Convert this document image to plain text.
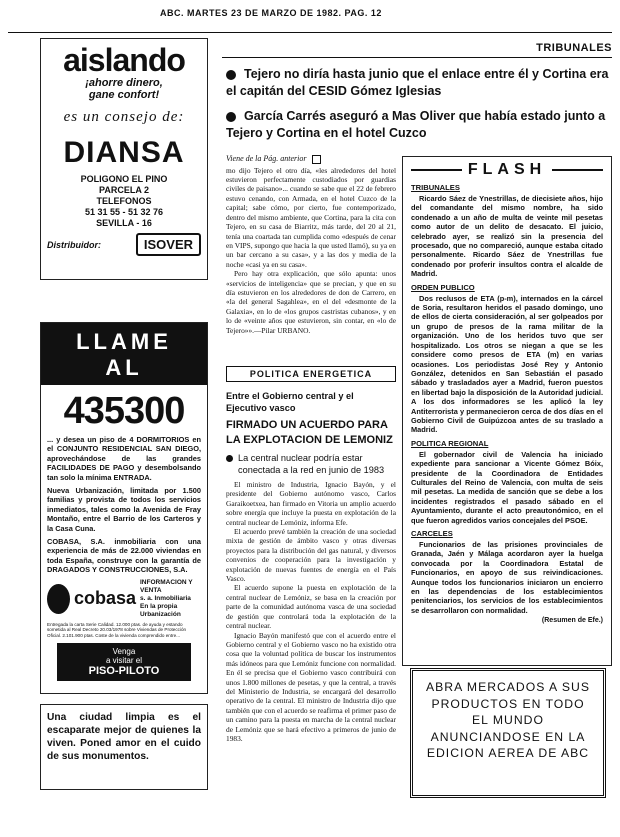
ABC. MARTES 23 DE MARZO DE 1982. PAG. 12
TRIBUNALES
Tejero no diría hasta junio que el enlace entre él y Cortina era el capitán del CESID Gómez Iglesias
García Carrés aseguró a Mas Oliver que había estado junto a Tejero y Cortina en el hotel Cuzco
aislando
¡ahorre dinero, gane confort!
es un consejo de:
DIANSA
POLIGONO EL PINO
PARCELA 2
TELEFONOS
51 31 55 - 51 32 76
SEVILLA - 16
Distribuidor:	ISOVER
LLAME
AL
435300
... y desea un piso de 4 DORMITORIOS en el CONJUNTO RESIDENCIAL SAN DIEGO, aprovechándose de las grandes FACILIDADES DE PAGO y desembolsando tan solo la mínima ENTRADA.
Nueva Urbanización, limitada por 1.500 familias y provista de todos los servicios inmediatos, tales como la Avenida de Fray Montaño, entre el Barrio de los Carteros y la Casa Cuna.
COBASA, S.A. inmobiliaria con una experiencia de más de 22.000 viviendas en toda España, construye con la garantía de DRAGADOS Y CONSTRUCCIONES, S.A.
cobasa
INFORMACION Y VENTA
s. a. Inmobiliaria
En la propia Urbanización
Entregada la carta Serie Calidad. 12.000 ptas. de ayuda y estando sometida al Real Decreto 20.03/1978 sobre Viviendas de Protección Oficial. 2.101.900 ptas. Coste de la vivienda comprendido entre...
Venga
a visitar el
PISO-PILOTO
Una ciudad limpia es el escaparate mejor de quienes la viven. Poned amor en el cuido de sus monumentos.
Viene de la Pág. anterior

mo dijo Tejero el otro día, «les alrededores del hotel estuvieron perfectamente custodiados por guardias civiles de paisano»... cuando se sabe que el 22 de febrero estuvo cenando, con Armada, en el hotel Cuzco de la capital; sabe cómo, por cierto, fue contemporizado, dentro del mismo ambiente, que Cortina, para la cita con Tejero, en su casa de Biarritz, más tarde, del 20 al 21, tenía una coartada tan cumplida como «después de cenar en VIPS, supongo que hacia la que usted llamó), su ya en un bar cercano a su casa», y a las dos y media de la noche «casi ya en su casa».

Pero hay otra explicación, que sólo apunta: unos «servicios de inteligencia» que se precian, y que en su día estuvieron en los alrededores de don de Carrero, en «la del general Sagahlea», en el del «desmonte de la Galaxia», en lo de «los grupos castristas cubanos», y en lo de «veinte años que estuvieron, sin contar, en «lo de Tejero»».—Pilar URBANO.

POLITICA ENERGETICA
Entre el Gobierno central y el Ejecutivo vasco
FIRMADO UN ACUERDO PARA LA EXPLOTACION DE LEMONIZ
La central nuclear podría estar conectada a la red en junio de 1983

El ministro de Industria, Ignacio Bayón, y el presidente del Gobierno autónomo vasco, Carlos Garaikoetxea, han firmado en Vitoria un amplio acuerdo sobre energía que incluye la puesta en explotación de la central nuclear de Lemóniz, informa Efe.

El acuerdo prevé también la creación de una sociedad mixta de gestión de ámbito vasco y otras diversas proyectos para la distribución del gas natural, y diversos convenios de cooperación para la investigación y explotación de nuevas fuentes de energía en el País Vasco.

El acuerdo supone la puesta en explotación de la central nuclear de Lemóniz, se basa en la creación por parte de la comunidad autónoma vasca de una sociedad de gestión que controlará toda la explotación de la central nuclear.

Ignacio Bayón manifestó que con el acuerdo entre el Gobierno central y el Gobierno vasco no ha existido otra cosa que la voluntad política de buscar los instrumentos más idóneos para que Lemóniz funcione con normalidad. En él se precisa que el Gobierno vasco contribuirá con unos 1.800 millones de pesetas, y que la central, a través del Ministerio de Industria, se encargará del desarrollo operativo de la central. El ministro de Industria dijo que también que con el acuerdo se reafirma el primer paso de un camino para la puesta en marcha de la central nuclear de Lemóniz que se hará efectivo a primeros de junio de 1983.

FLASH
TRIBUNALES

Ricardo Sáez de Ynestrillas, de diecisiete años, hijo del comandante del mismo nombre, ha sido condenado a un año de multa de veinte mil pesetas como autor de un delito de desacato. El juicio, celebrado ayer, se realizó sin la presencia del procesado, que no compareció, aunque estaba citado personalmente. Ricardo Sáez de Ynestrillas fue condenado por proferir insultos contra el alcalde de Madrid.

ORDEN PUBLICO

Dos reclusos de ETA (p-m), internados en la cárcel de Soria, resultaron heridos el pasado domingo, uno de ellos de cierta consideración, al ser golpeados por un grupo de presos de la rama militar de la organización. Uno de los heridos tuvo que ser hospitalizado. Los otros se niegan a que se les considere como presos de ETA (m) en varias ocasiones. Los periodistas José Rey y Antonio González, detenidos en San Sebastián el pasado sábado y trasladados ayer a Madrid, fueron puestos en libertad bajo la disposición de la Autoridad judicial. A los dos informadores se les aplicó la ley Antiterrorista y permanecieron cerca de dos días en el Gobierno Civil de Guipúzcoa antes de su traslado a Madrid.

POLITICA REGIONAL

El gobernador civil de Valencia ha iniciado expediente para sancionar a Vicente Gómez Bóix, presidente de la Coordinadora de Entidades Culturales del Reino de Valencia, con multa de seis mil pesetas. La medida de sanción que se debe a los incidentes registrados el pasado sábado en el Ayuntamiento, durante el acto preautonómico, en el que fueron agredidos varios concejales del PSOE.

CARCELES

Funcionarios de las prisiones provinciales de Granada, Jaén y Málaga acordaron ayer la huelga convocada por la Coordinadora Estatal de Funcionarios, en apoyo de sus reivindicaciones. Aunque todos los funcionarios iniciaron un encierro en las dependencias de los establecimientos penitenciarios, los servicios de los establecimientos se desarrollaron con normalidad.

(Resumen de Efe.)
ABRA MERCADOS A SUS PRODUCTOS EN TODO EL MUNDO ANUNCIANDOSE EN LA EDICION AEREA DE ABC
